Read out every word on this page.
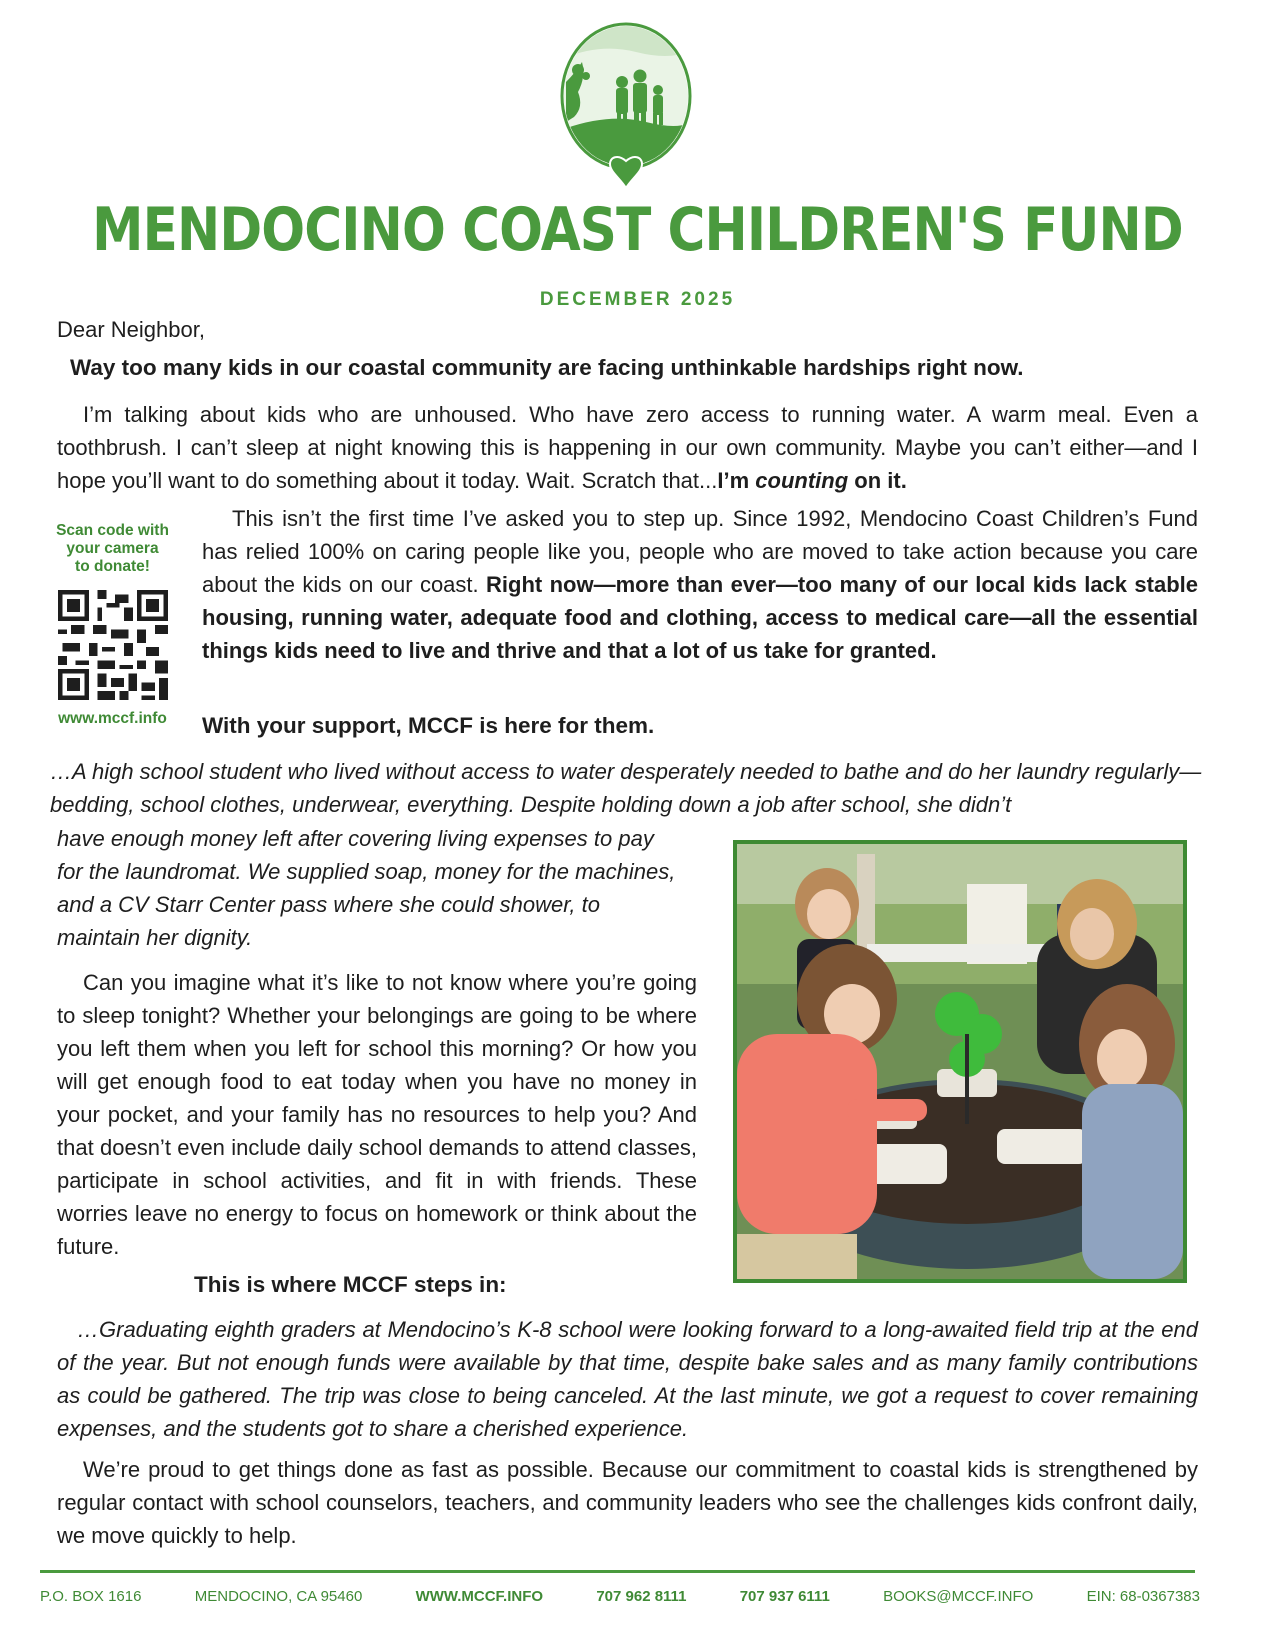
MENDOCINO COAST CHILDREN'S FUND
DECEMBER 2025
Dear Neighbor,
Way too many kids in our coastal community are facing unthinkable hardships right now.
I’m talking about kids who are unhoused. Who have zero access to running water. A warm meal. Even a toothbrush. I can’t sleep at night knowing this is happening in our own community. Maybe you can’t either—and I hope you’ll want to do something about it today. Wait. Scratch that...I’m counting on it.
Scan code with
your camera
to donate!
www.mccf.info
This isn’t the first time I’ve asked you to step up. Since 1992, Mendocino Coast Children’s Fund has relied 100% on caring people like you, people who are moved to take action because you care about the kids on our coast. Right now—more than ever—too many of our local kids lack stable housing, running water, adequate food and clothing, access to medical care—all the essential things kids need to live and thrive and that a lot of us take for granted.
With your support, MCCF is here for them.
…A high school student who lived without access to water desperately needed to bathe and do her laundry regularly—bedding, school clothes, underwear, everything. Despite holding down a job after school, she didn’t
have enough money left after covering living expenses to pay for the laundromat. We supplied soap, money for the machines, and a CV Starr Center pass where she could shower, to maintain her dignity.
Can you imagine what it’s like to not know where you’re going to sleep tonight? Whether your belongings are going to be where you left them when you left for school this morning? Or how you will get enough food to eat today when you have no money in your pocket, and your family has no resources to help you? And that doesn’t even include daily school demands to attend classes, participate in school activities, and fit in with friends. These worries leave no energy to focus on homework or think about the future.
This is where MCCF steps in:
…Graduating eighth graders at Mendocino’s K-8 school were looking forward to a long-awaited field trip at the end of the year. But not enough funds were available by that time, despite bake sales and as many family contributions as could be gathered. The trip was close to being canceled. At the last minute, we got a request to cover remaining expenses, and the students got to share a cherished experience.
We’re proud to get things done as fast as possible. Because our commitment to coastal kids is strengthened by regular contact with school counselors, teachers, and community leaders who see the challenges kids confront daily, we move quickly to help.
P.O. BOX 1616	MENDOCINO, CA 95460	WWW.MCCF.INFO	707 962 8111	707 937 6111	BOOKS@MCCF.INFO	EIN: 68-0367383
